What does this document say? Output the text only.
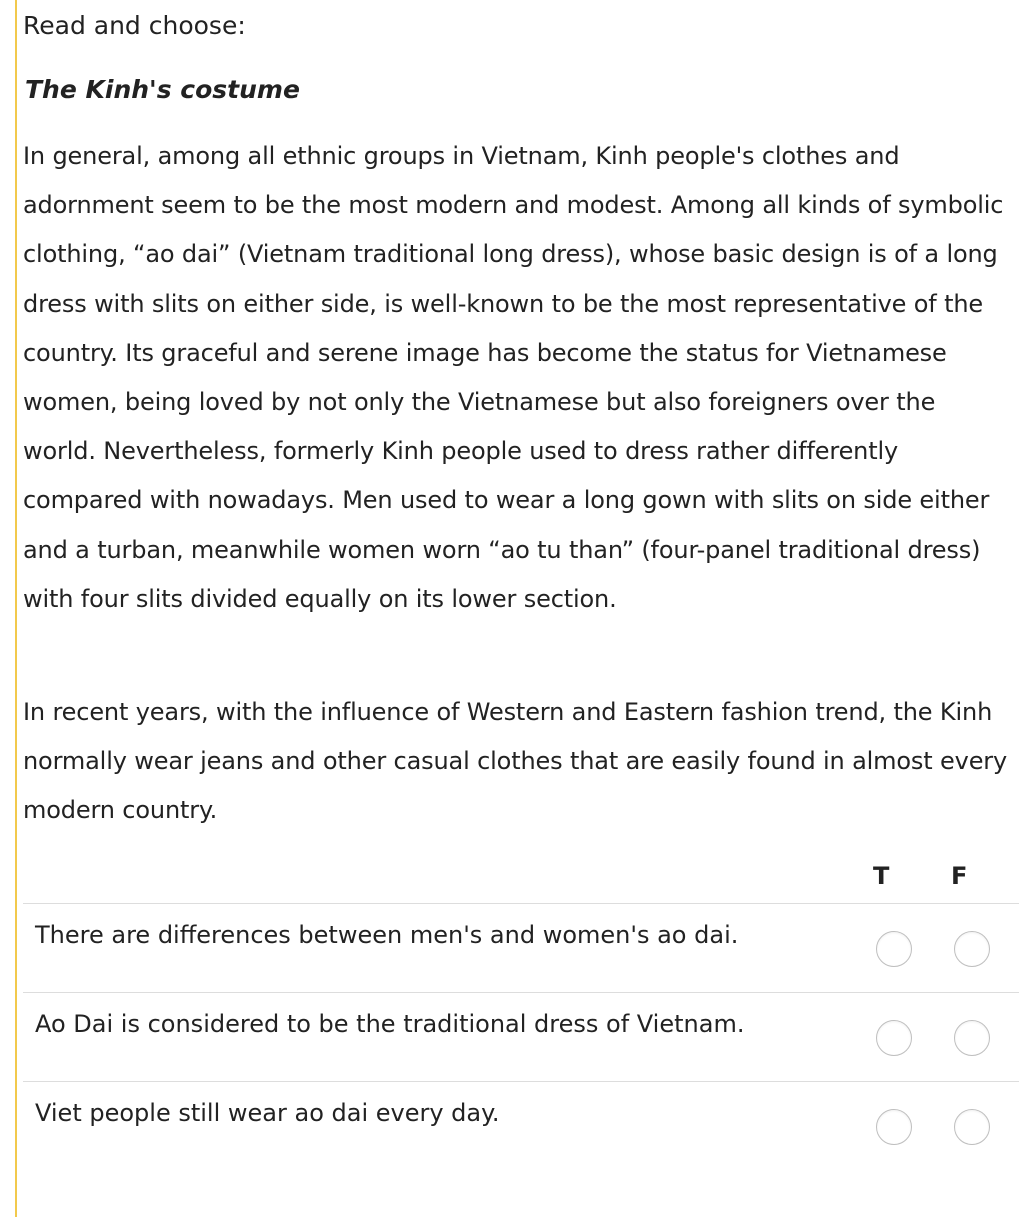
Read and choose:

The Kinh's costume

In general, among all ethnic groups in Vietnam, Kinh people's clothes and adornment seem to be the most modern and modest. Among all kinds of symbolic clothing, “ao dai” (Vietnam traditional long dress), whose basic design is of a long dress with slits on either side, is well-known to be the most representative of the country. Its graceful and serene image has become the status for Vietnamese women, being loved by not only the Vietnamese but also foreigners over the world. Nevertheless, formerly Kinh people used to dress rather differently compared with nowadays. Men used to wear a long gown with slits on side either and a turban, meanwhile women worn “ao tu than” (four-panel traditional dress) with four slits divided equally on its lower section.

In recent years, with the influence of Western and Eastern fashion trend, the Kinh normally wear jeans and other casual clothes that are easily found in almost every modern country.

T	F

There are differences between men's and women's ao dai.

Ao Dai is considered to be the traditional dress of Vietnam.

Viet people still wear ao dai every day.
